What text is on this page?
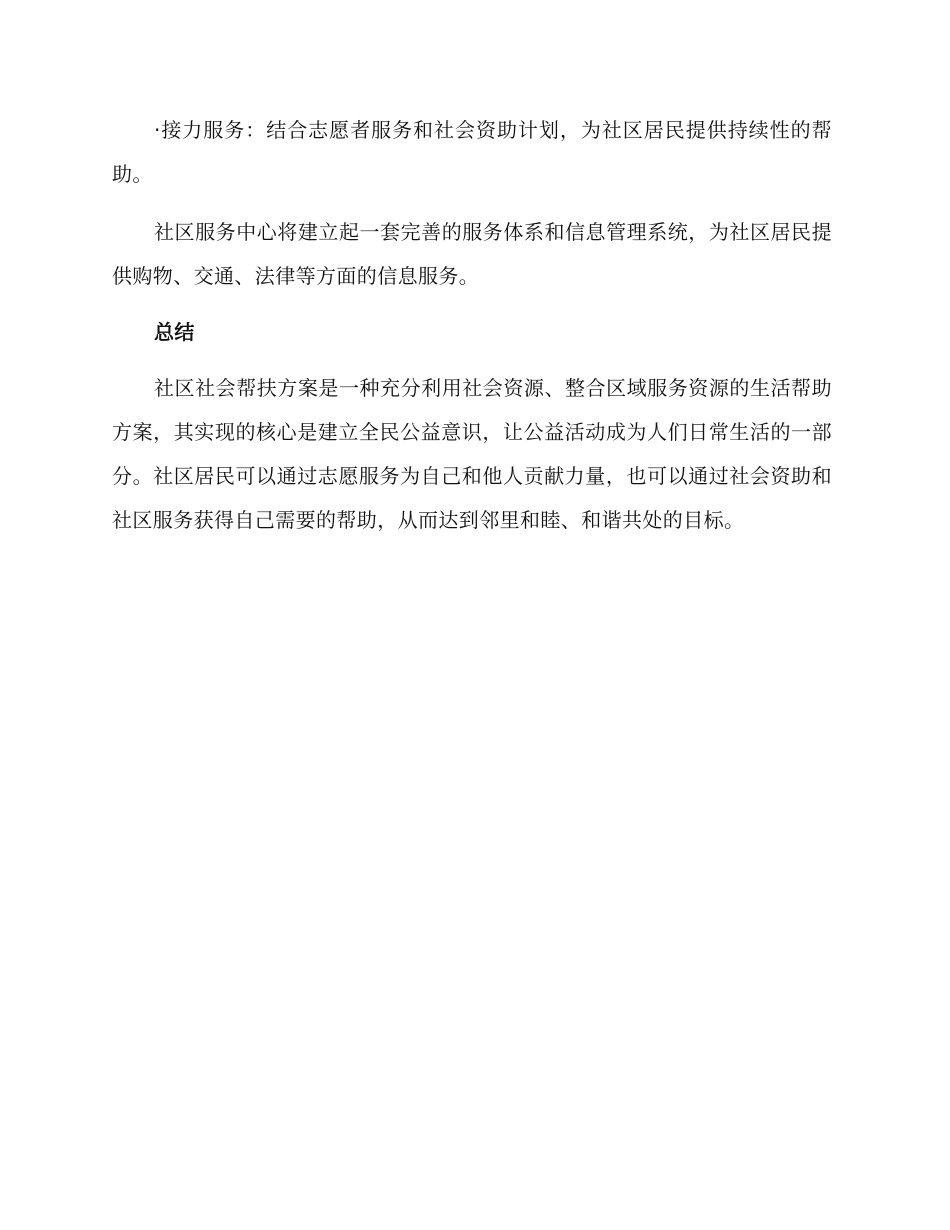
·接力服务：结合志愿者服务和社会资助计划，为社区居民提供持续性的帮助。

社区服务中心将建立起一套完善的服务体系和信息管理系统，为社区居民提供购物、交通、法律等方面的信息服务。

总结

社区社会帮扶方案是一种充分利用社会资源、整合区域服务资源的生活帮助方案，其实现的核心是建立全民公益意识，让公益活动成为人们日常生活的一部分。社区居民可以通过志愿服务为自己和他人贡献力量，也可以通过社会资助和社区服务获得自己需要的帮助，从而达到邻里和睦、和谐共处的目标。
